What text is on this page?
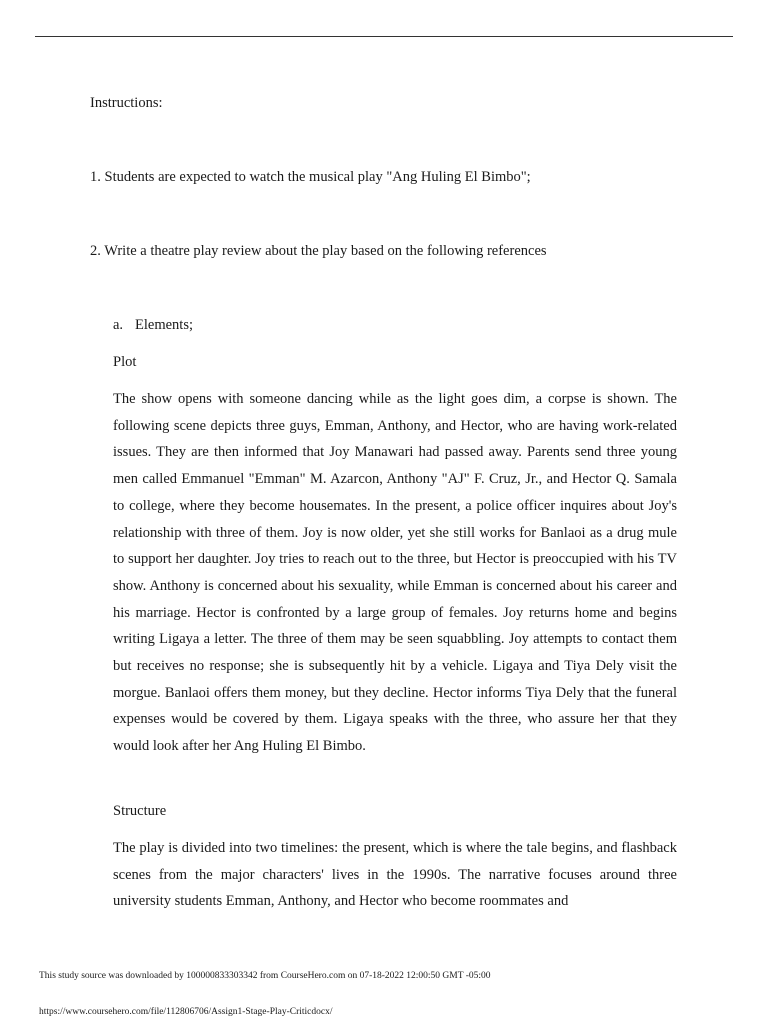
Instructions:
1. Students are expected to watch the musical play "Ang Huling El Bimbo";
2. Write a theatre play review about the play based on the following references
a. Elements;
Plot

The show opens with someone dancing while as the light goes dim, a corpse is shown. The following scene depicts three guys, Emman, Anthony, and Hector, who are having work-related issues. They are then informed that Joy Manawari had passed away. Parents send three young men called Emmanuel "Emman" M. Azarcon, Anthony "AJ" F. Cruz, Jr., and Hector Q. Samala to college, where they become housemates. In the present, a police officer inquires about Joy's relationship with three of them. Joy is now older, yet she still works for Banlaoi as a drug mule to support her daughter. Joy tries to reach out to the three, but Hector is preoccupied with his TV show. Anthony is concerned about his sexuality, while Emman is concerned about his career and his marriage. Hector is confronted by a large group of females. Joy returns home and begins writing Ligaya a letter. The three of them may be seen squabbling. Joy attempts to contact them but receives no response; she is subsequently hit by a vehicle. Ligaya and Tiya Dely visit the morgue. Banlaoi offers them money, but they decline. Hector informs Tiya Dely that the funeral expenses would be covered by them. Ligaya speaks with the three, who assure her that they would look after her Ang Huling El Bimbo.

Structure

The play is divided into two timelines: the present, which is where the tale begins, and flashback scenes from the major characters' lives in the 1990s. The narrative focuses around three university students Emman, Anthony, and Hector who become roommates and

This study source was downloaded by 100000833303342 from CourseHero.com on 07-18-2022 12:00:50 GMT -05:00
https://www.coursehero.com/file/112806706/Assign1-Stage-Play-Criticdocx/
